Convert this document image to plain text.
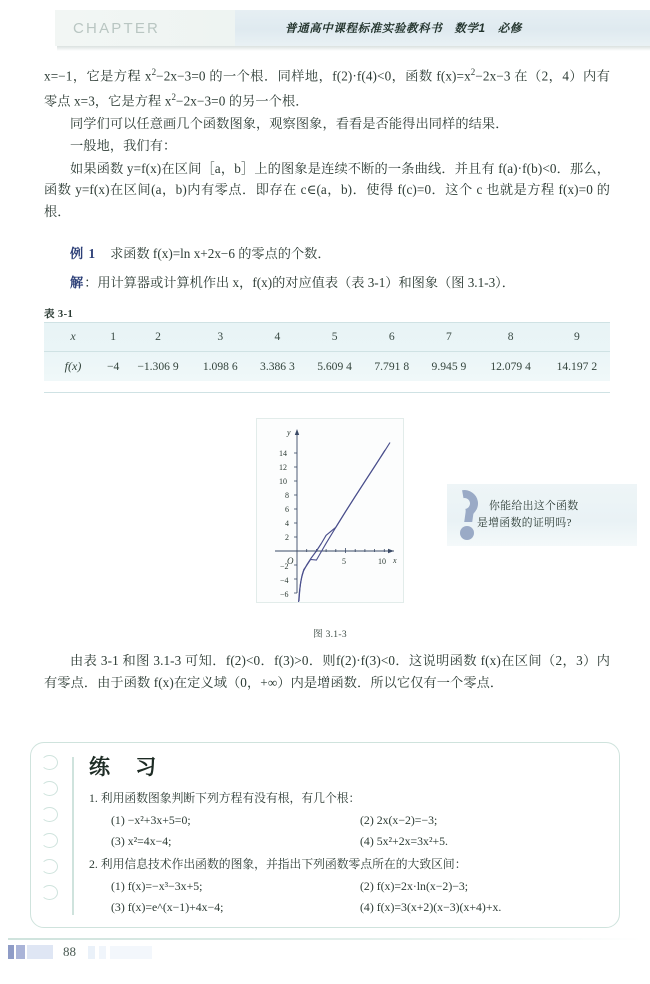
CHAPTER	普通高中课程标准实验教科书　数学1　必修

x=−1，它是方程 $x^2-2x-3=0$ 的一个根．同样地，f(2)·f(4)<0，函数 $f(x)=x^2-2x-3$ 在（2，4）内有零点 x=3，它是方程 $x^2-2x-3=0$ 的另一个根．

同学们可以任意画几个函数图象，观察图象，看看是否能得出同样的结果．

一般地，我们有：

如果函数 y=f(x)在区间［a，b］上的图象是连续不断的一条曲线．并且有 f(a)·f(b)<0．那么，函数 y=f(x)在区间(a，b)内有零点．即存在 c∈(a，b)．使得 f(c)=0．这个 c 也就是方程 f(x)=0 的根．

例 1 求函数 f(x)=ln x+2x−6 的零点的个数．
解：用计算器或计算机作出 x，f(x)的对应值表（表 3-1）和图象（图 3.1-3）．
表 3-1
x	1	2	3	4	5	6	7	8	9
f(x)	−4	−1.306 9	1.098 6	3.386 3	5.609 4	7.791 8	9.945 9	12.079 4	14.197 2
y
x
O
14
12
10
8
6
4
2
−2
−4
−6
5	10
图 3.1-3
你能给出这个函数
是增函数的证明吗?

由表 3-1 和图 3.1-3 可知．f(2)<0．f(3)>0．则f(2)·f(3)<0．这说明函数 f(x)在区间（2，3）内有零点．由于函数 f(x)在定义域（0，+∞）内是增函数．所以它仅有一个零点．

练 习
1. 利用函数图象判断下列方程有没有根，有几个根：
(1) −x²+3x+5=0;	(2) 2x(x−2)=−3;
(3) x²=4x−4;	(4) 5x²+2x=3x²+5.
2. 利用信息技术作出函数的图象，并指出下列函数零点所在的大致区间：
(1) f(x)=−x³−3x+5;	(2) f(x)=2x·ln(x−2)−3;
(3) f(x)=e^(x−1)+4x−4;	(4) f(x)=3(x+2)(x−3)(x+4)+x.
88
